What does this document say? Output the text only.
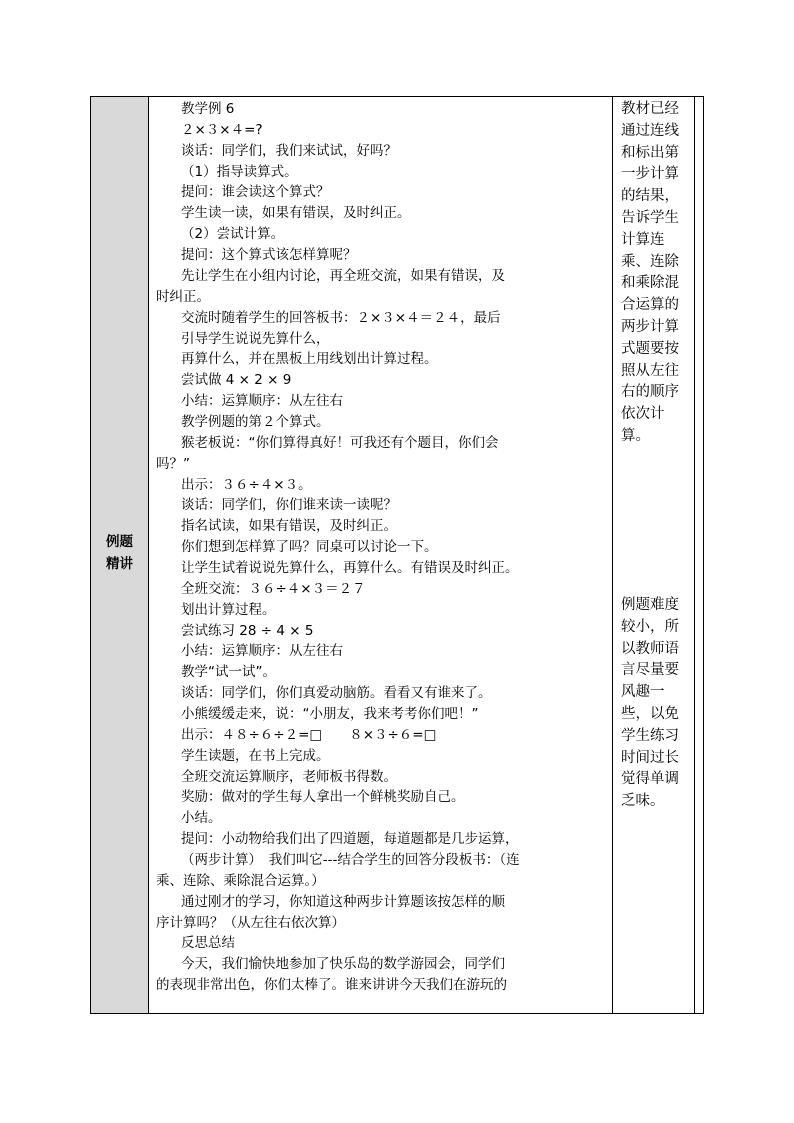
例题
精讲
教学例 6
２×３×４=?
谈话：同学们，我们来试试，好吗？
（1）指导读算式。
提问：谁会读这个算式？
学生读一读，如果有错误，及时纠正。
（2）尝试计算。
提问：这个算式该怎样算呢？
先让学生在小组内讨论，再全班交流，如果有错误，及
时纠正。
交流时随着学生的回答板书：２×３×４＝２４，最后
引导学生说说先算什么，
再算什么，并在黑板上用线划出计算过程。
尝试做 4 × 2 × 9
小结：运算顺序：从左往右
教学例题的第２个算式。
猴老板说：“你们算得真好！可我还有个题目，你们会
吗？”
出示：３６÷４×３。
谈话：同学们，你们谁来读一读呢？
指名试读，如果有错误，及时纠正。
你们想到怎样算了吗？同桌可以讨论一下。
让学生试着说说先算什么，再算什么。有错误及时纠正。
全班交流：３６÷４×３＝２７
划出计算过程。
尝试练习 28 ÷ 4 × 5
小结：运算顺序：从左往右
教学“试一试”。
谈话：同学们，你们真爱动脑筋。看看又有谁来了。
小熊缓缓走来，说：“小朋友，我来考考你们吧！”
出示：４８÷６÷２=□　　８×３÷６=□
学生读题，在书上完成。
全班交流运算顺序，老师板书得数。
奖励：做对的学生每人拿出一个鲜桃奖励自己。
小结。
提问：小动物给我们出了四道题，每道题都是几步运算，
（两步计算）　我们叫它---结合学生的回答分段板书：（连
乘、连除、乘除混合运算。）
通过刚才的学习，你知道这种两步计算题该按怎样的顺
序计算吗？（从左往右依次算）
反思总结
今天，我们愉快地参加了快乐岛的数学游园会，同学们
的表现非常出色，你们太棒了。谁来讲讲今天我们在游玩的
教材已经通过连线和标出第一步计算的结果，告诉学生计算连乘、连除和乘除混合运算的两步计算式题要按照从左往右的顺序依次计算。
例题难度较小，所以教师语言尽量要风趣一些，以免学生练习时间过长觉得单调乏味。
